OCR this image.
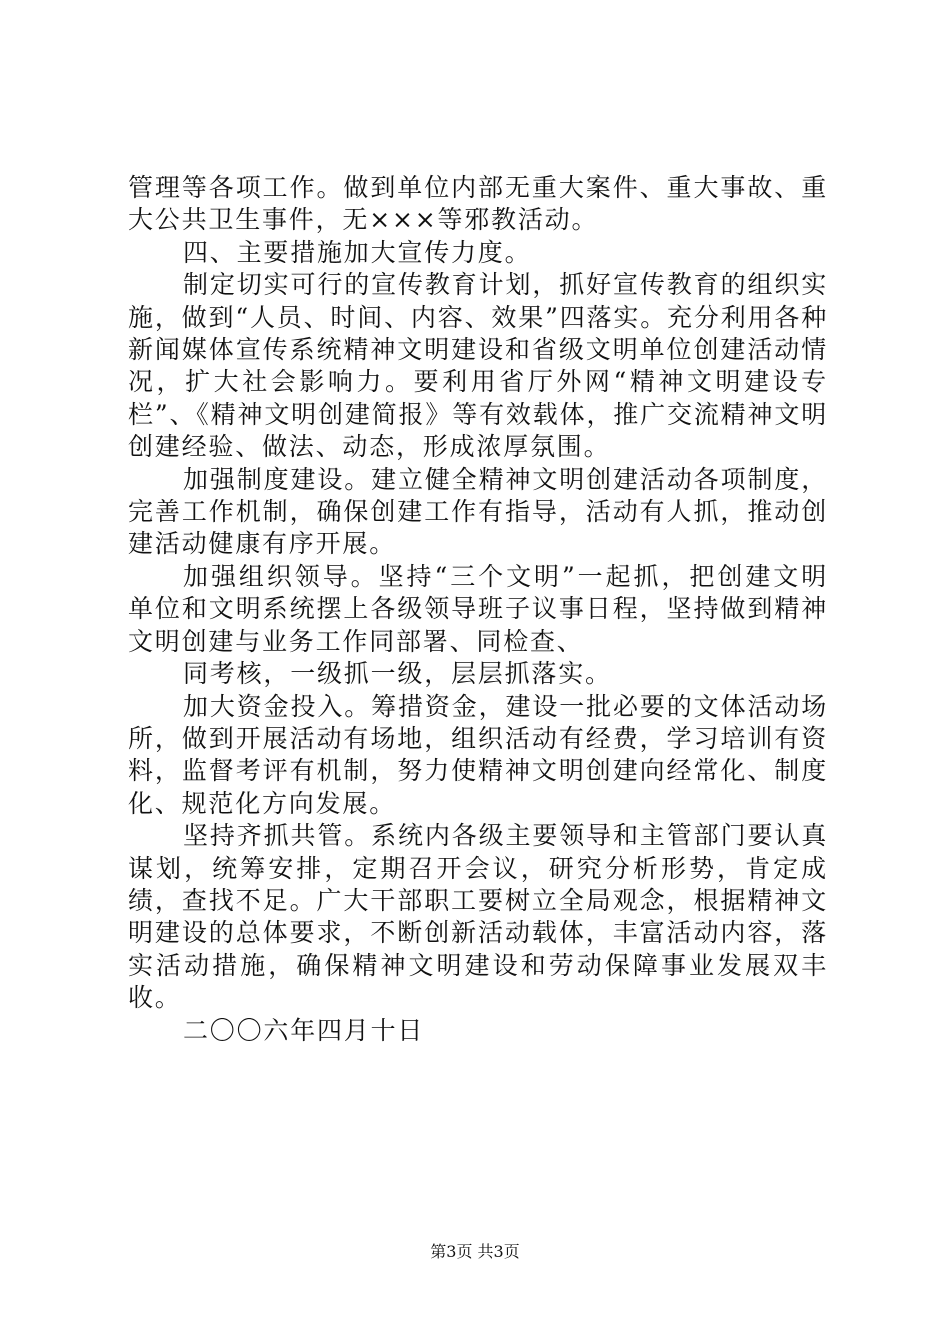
管理等各项工作。做到单位内部无重大案件、重大事故、重大公共卫生事件，无×××等邪教活动。

四、主要措施加大宣传力度。

制定切实可行的宣传教育计划，抓好宣传教育的组织实施，做到“人员、时间、内容、效果”四落实。充分利用各种新闻媒体宣传系统精神文明建设和省级文明单位创建活动情况，扩大社会影响力。要利用省厅外网“精神文明建设专栏”、《精神文明创建简报》等有效载体，推广交流精神文明创建经验、做法、动态，形成浓厚氛围。

加强制度建设。建立健全精神文明创建活动各项制度，完善工作机制，确保创建工作有指导，活动有人抓，推动创建活动健康有序开展。

加强组织领导。坚持“三个文明”一起抓，把创建文明单位和文明系统摆上各级领导班子议事日程，坚持做到精神文明创建与业务工作同部署、同检查、

同考核，一级抓一级，层层抓落实。

加大资金投入。筹措资金，建设一批必要的文体活动场所，做到开展活动有场地，组织活动有经费，学习培训有资料，监督考评有机制，努力使精神文明创建向经常化、制度化、规范化方向发展。

坚持齐抓共管。系统内各级主要领导和主管部门要认真谋划，统筹安排，定期召开会议，研究分析形势，肯定成绩，查找不足。广大干部职工要树立全局观念，根据精神文明建设的总体要求，不断创新活动载体，丰富活动内容，落实活动措施，确保精神文明建设和劳动保障事业发展双丰收。

二〇〇六年四月十日

第3页 共3页
